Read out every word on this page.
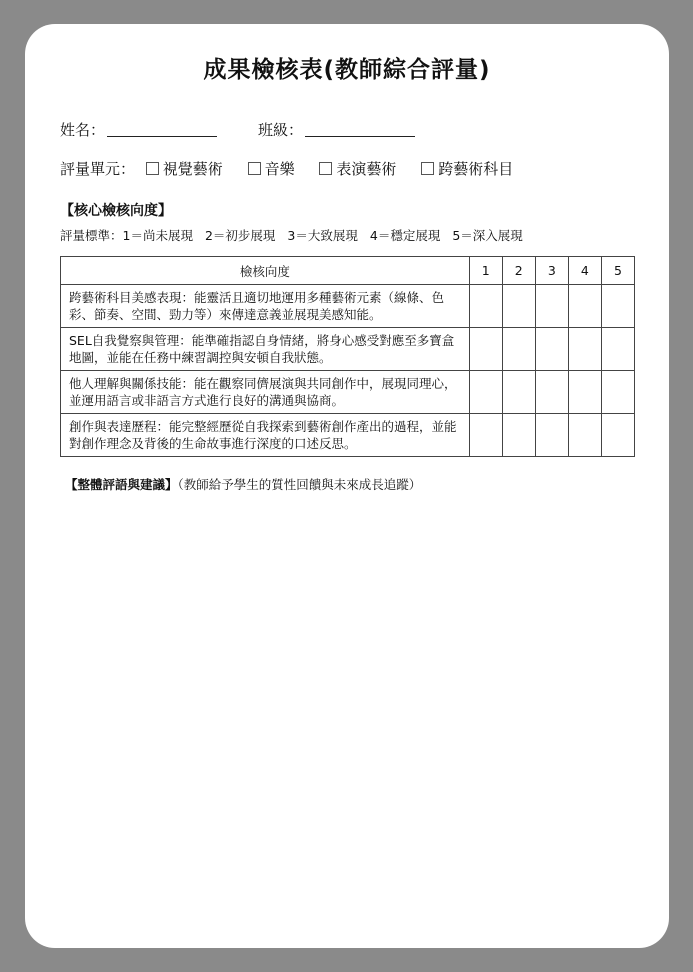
成果檢核表(教師綜合評量)
姓名：	班級：
評量單元： 視覺藝術	音樂	表演藝術	跨藝術科目
【核心檢核向度】
評量標準：1＝尚未展現 2＝初步展現 3＝大致展現 4＝穩定展現 5＝深入展現
檢核向度	1	2	3	4	5
跨藝術科目美感表現：能靈活且適切地運用多種藝術元素（線條、色彩、節奏、空間、勁力等）來傳達意義並展現美感知能。					
SEL自我覺察與管理：能準確指認自身情緒，將身心感受對應至多寶盒地圖，並能在任務中練習調控與安頓自我狀態。					
他人理解與關係技能：能在觀察同儕展演與共同創作中，展現同理心，並運用語言或非語言方式進行良好的溝通與協商。					
創作與表達歷程：能完整經歷從自我探索到藝術創作產出的過程，並能對創作理念及背後的生命故事進行深度的口述反思。					
【整體評語與建議】（教師給予學生的質性回饋與未來成長追蹤）
